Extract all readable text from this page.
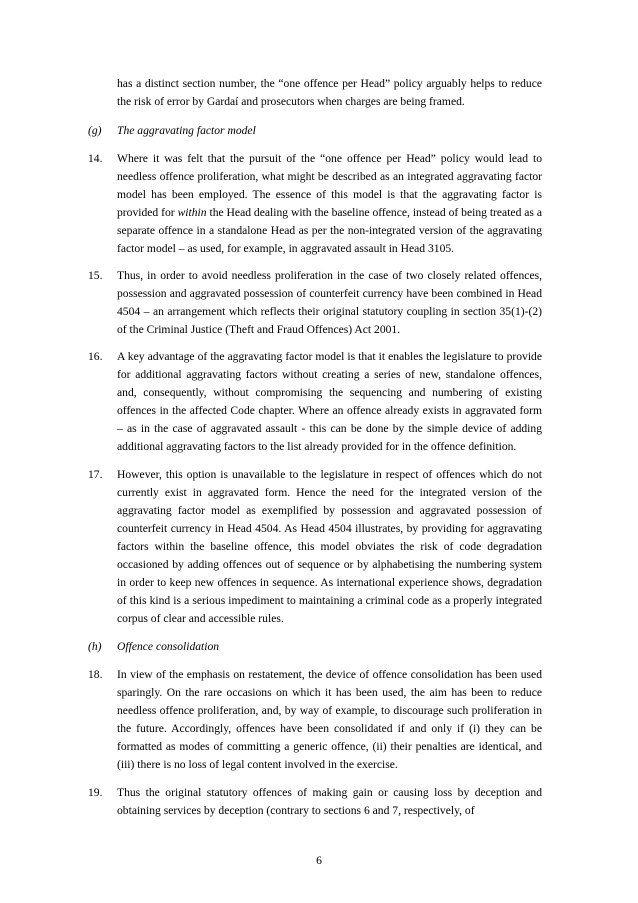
has a distinct section number, the “one offence per Head” policy arguably helps to reduce the risk of error by Gardaí and prosecutors when charges are being framed.

(g) The aggravating factor model
14. Where it was felt that the pursuit of the “one offence per Head” policy would lead to needless offence proliferation, what might be described as an integrated aggravating factor model has been employed. The essence of this model is that the aggravating factor is provided for within the Head dealing with the baseline offence, instead of being treated as a separate offence in a standalone Head as per the non-integrated version of the aggravating factor model – as used, for example, in aggravated assault in Head 3105.

15. Thus, in order to avoid needless proliferation in the case of two closely related offences, possession and aggravated possession of counterfeit currency have been combined in Head 4504 – an arrangement which reflects their original statutory coupling in section 35(1)-(2) of the Criminal Justice (Theft and Fraud Offences) Act 2001.

16. A key advantage of the aggravating factor model is that it enables the legislature to provide for additional aggravating factors without creating a series of new, standalone offences, and, consequently, without compromising the sequencing and numbering of existing offences in the affected Code chapter. Where an offence already exists in aggravated form – as in the case of aggravated assault - this can be done by the simple device of adding additional aggravating factors to the list already provided for in the offence definition.

17. However, this option is unavailable to the legislature in respect of offences which do not currently exist in aggravated form. Hence the need for the integrated version of the aggravating factor model as exemplified by possession and aggravated possession of counterfeit currency in Head 4504. As Head 4504 illustrates, by providing for aggravating factors within the baseline offence, this model obviates the risk of code degradation occasioned by adding offences out of sequence or by alphabetising the numbering system in order to keep new offences in sequence. As international experience shows, degradation of this kind is a serious impediment to maintaining a criminal code as a properly integrated corpus of clear and accessible rules.

(h) Offence consolidation
18. In view of the emphasis on restatement, the device of offence consolidation has been used sparingly. On the rare occasions on which it has been used, the aim has been to reduce needless offence proliferation, and, by way of example, to discourage such proliferation in the future. Accordingly, offences have been consolidated if and only if (i) they can be formatted as modes of committing a generic offence, (ii) their penalties are identical, and (iii) there is no loss of legal content involved in the exercise.

19. Thus the original statutory offences of making gain or causing loss by deception and obtaining services by deception (contrary to sections 6 and 7, respectively, of

6
